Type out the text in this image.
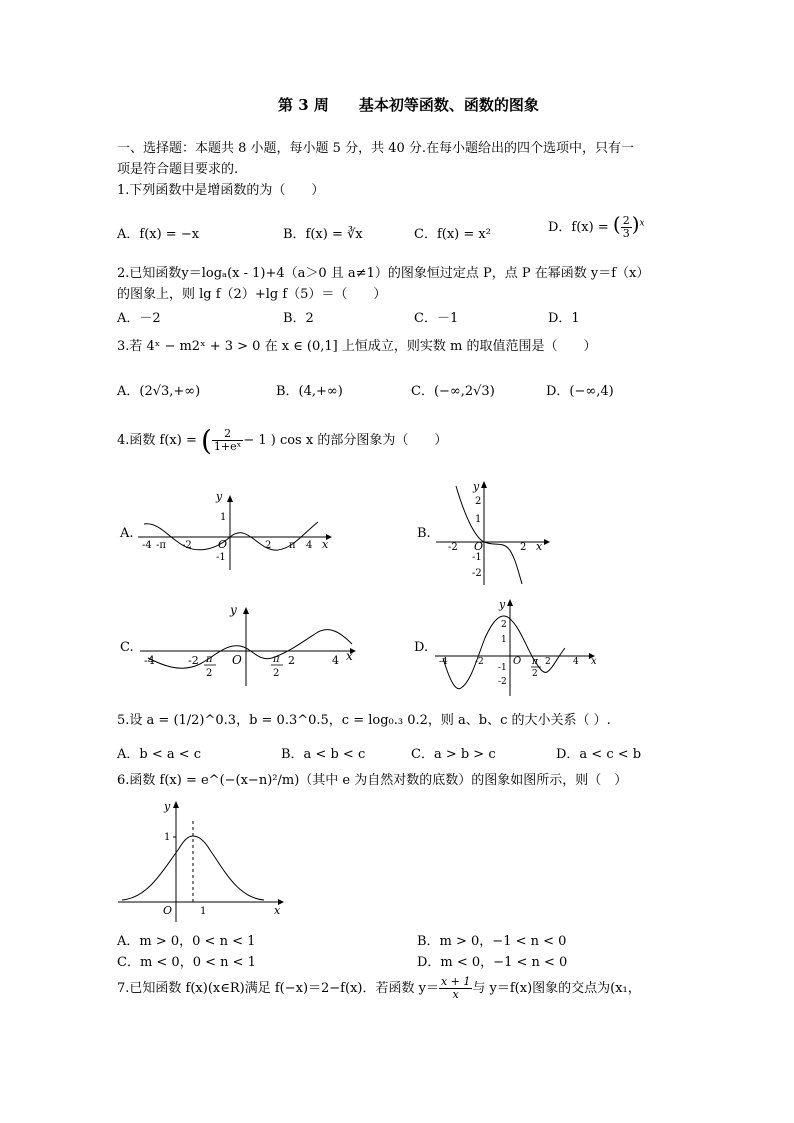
第 3 周　　基本初等函数、函数的图象
一、选择题：本题共 8 小题，每小题 5 分，共 40 分.在每小题给出的四个选项中，只有一
项是符合题目要求的.
1.下列函数中是增函数的为（　　）
A．f(x) = −x	B．f(x) = ∛x	C．f(x) = x²	D．f(x) = ( $\frac{2}{3} )^x$
2.已知函数y＝logₐ(x - 1)+4（a＞0 且 a≠1）的图象恒过定点 P，点 P 在幂函数 y＝f（x）
的图象上，则 lg f（2）+lg f（5）＝（　　）
A．－2	B．2	C．－1	D．1
3.若 4ˣ − m2ˣ + 3 > 0 在 x ∈ (0,1] 上恒成立，则实数 m 的取值范围是（　　）
A．(2√3,+∞)	B．(4,+∞)	C．(−∞,2√3)	D．(−∞,4)
4.函数 f(x) = ( $\frac{2}{\text{1+eˣ}} - 1$ ) cos x 的部分图象为（　　）
A.
y
x
O
1
-1
-4 -π -2	2 π 4
B.
y
x
O
2
1
-1
-2
-2	2
C.
y
x
O
-4	-2 π
2
π
2
2	4
D.
y
x
O
2
1
-1
-2
-4	-2	π
2
2 4
5.设 a = (1/2)^0.3，b = 0.3^0.5，c = log₀.₃ 0.2，则 a、b、c 的大小关系（ ）.
A．b < a < c	B．a < b < c	C．a > b > c	D．a < c < b
6.函数 f(x) = e^(−(x−n)²/m)（其中 e 为自然对数的底数）的图象如图所示，则（　）
y
x
O
1
1
A．m > 0，0 < n < 1	B．m > 0，−1 < n < 0
C．m < 0，0 < n < 1	D．m < 0，−1 < n < 0
7.已知函数 f(x)(x∈R)满足 f(−x)＝2−f(x)．若函数 $y= \frac{x + 1}{x}$ 与 y＝f(x)图象的交点为(x₁，
